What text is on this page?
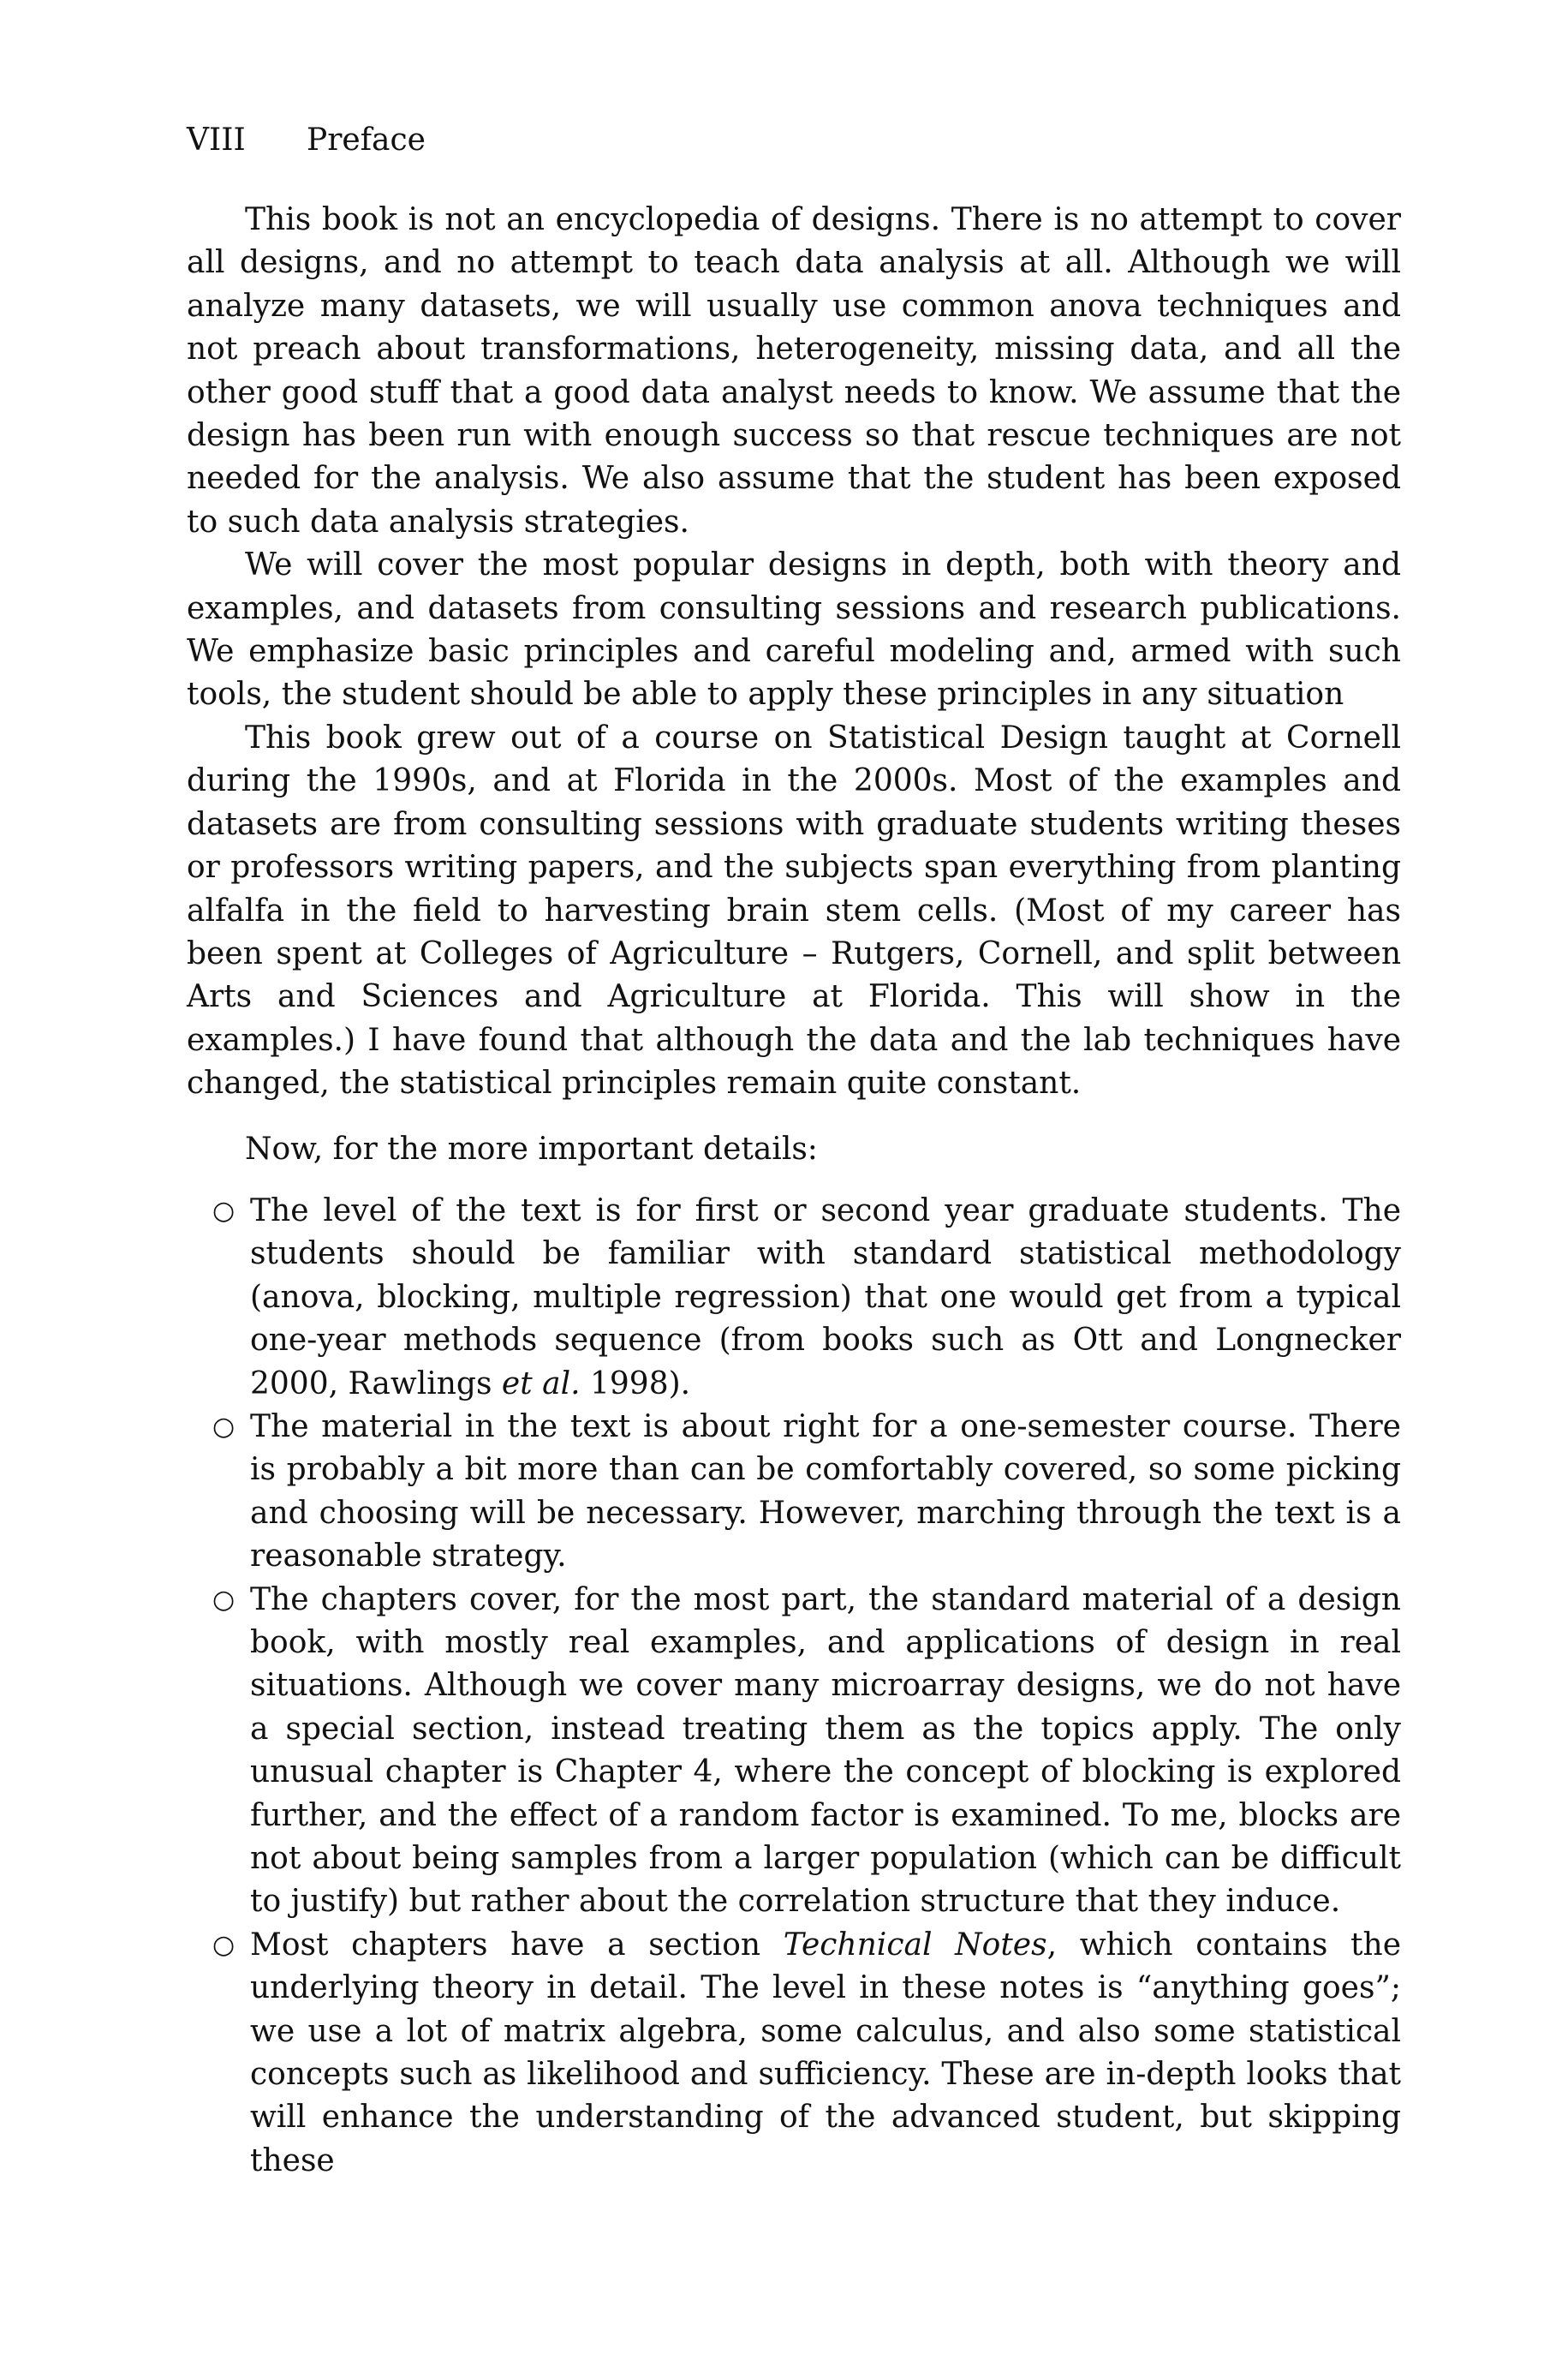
VIII Preface

This book is not an encyclopedia of designs. There is no attempt to cover all designs, and no attempt to teach data analysis at all. Although we will analyze many datasets, we will usually use common anova techniques and not preach about transformations, heterogeneity, missing data, and all the other good stuff that a good data analyst needs to know. We assume that the design has been run with enough success so that rescue techniques are not needed for the analysis. We also assume that the student has been exposed to such data analysis strategies.

We will cover the most popular designs in depth, both with theory and examples, and datasets from consulting sessions and research publications. We emphasize basic principles and careful modeling and, armed with such tools, the student should be able to apply these principles in any situation

This book grew out of a course on Statistical Design taught at Cornell during the 1990s, and at Florida in the 2000s. Most of the examples and datasets are from consulting sessions with graduate students writing theses or professors writing papers, and the subjects span everything from planting alfalfa in the field to harvesting brain stem cells. (Most of my career has been spent at Colleges of Agriculture – Rutgers, Cornell, and split between Arts and Sciences and Agriculture at Florida. This will show in the examples.) I have found that although the data and the lab techniques have changed, the statistical principles remain quite constant.

Now, for the more important details:

○ The level of the text is for first or second year graduate students. The students should be familiar with standard statistical methodology (anova, blocking, multiple regression) that one would get from a typical one-year methods sequence (from books such as Ott and Longnecker 2000, Rawlings et al. 1998).
○ The material in the text is about right for a one-semester course. There is probably a bit more than can be comfortably covered, so some picking and choosing will be necessary. However, marching through the text is a reasonable strategy.
○ The chapters cover, for the most part, the standard material of a design book, with mostly real examples, and applications of design in real situations. Although we cover many microarray designs, we do not have a special section, instead treating them as the topics apply. The only unusual chapter is Chapter 4, where the concept of blocking is explored further, and the effect of a random factor is examined. To me, blocks are not about being samples from a larger population (which can be difficult to justify) but rather about the correlation structure that they induce.
○ Most chapters have a section Technical Notes, which contains the underlying theory in detail. The level in these notes is “anything goes”; we use a lot of matrix algebra, some calculus, and also some statistical concepts such as likelihood and sufficiency. These are in-depth looks that will enhance the understanding of the advanced student, but skipping these
